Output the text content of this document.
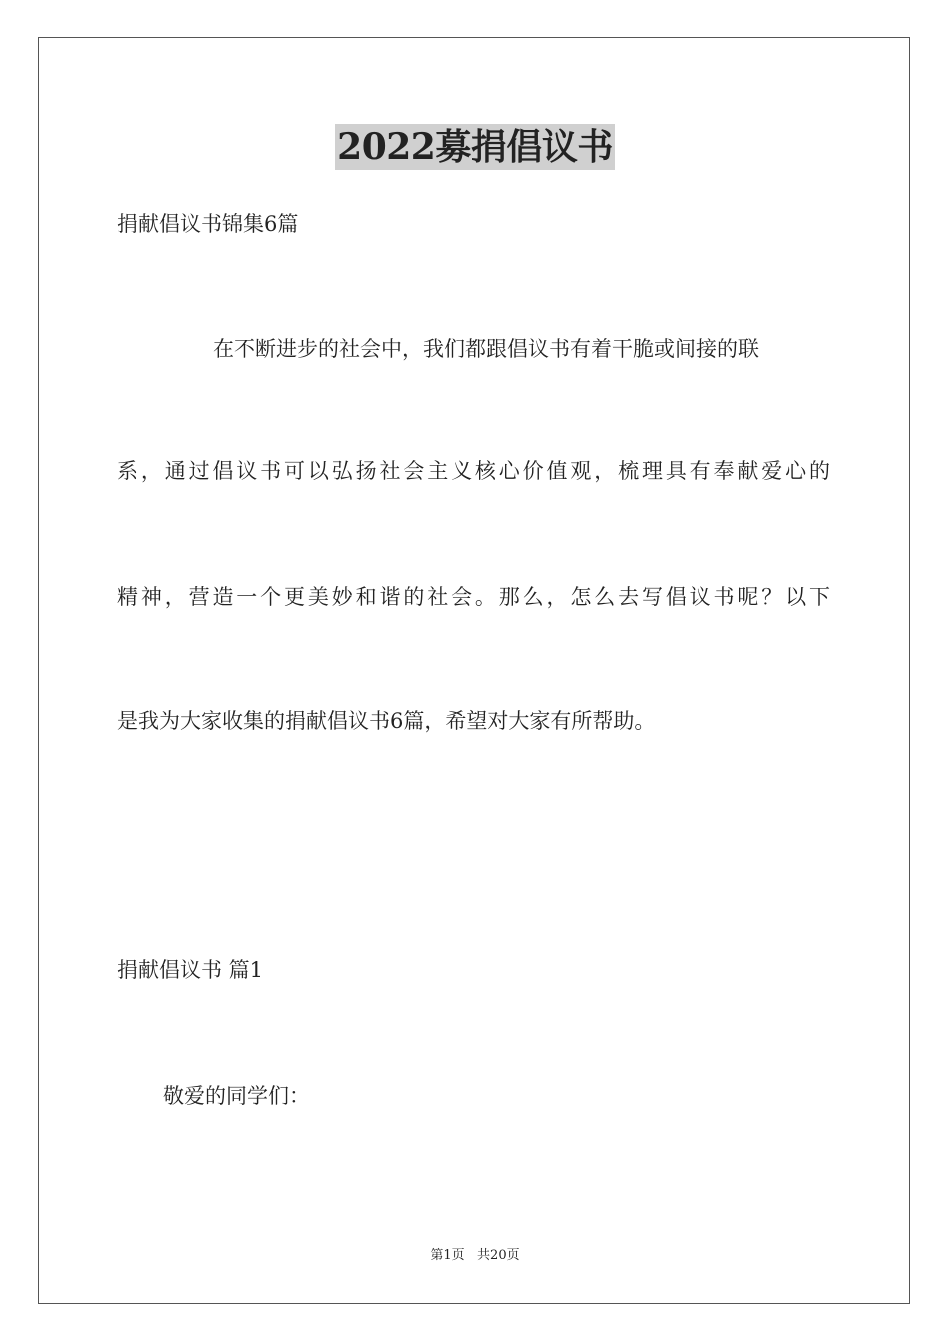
2022募捐倡议书
捐献倡议书锦集6篇
在不断进步的社会中，我们都跟倡议书有着干脆或间接的联
系，通过倡议书可以弘扬社会主义核心价值观，梳理具有奉献爱心的
精神，营造一个更美妙和谐的社会。那么，怎么去写倡议书呢？以下
是我为大家收集的捐献倡议书6篇，希望对大家有所帮助。
捐献倡议书 篇1
敬爱的同学们：
第1页   共20页
